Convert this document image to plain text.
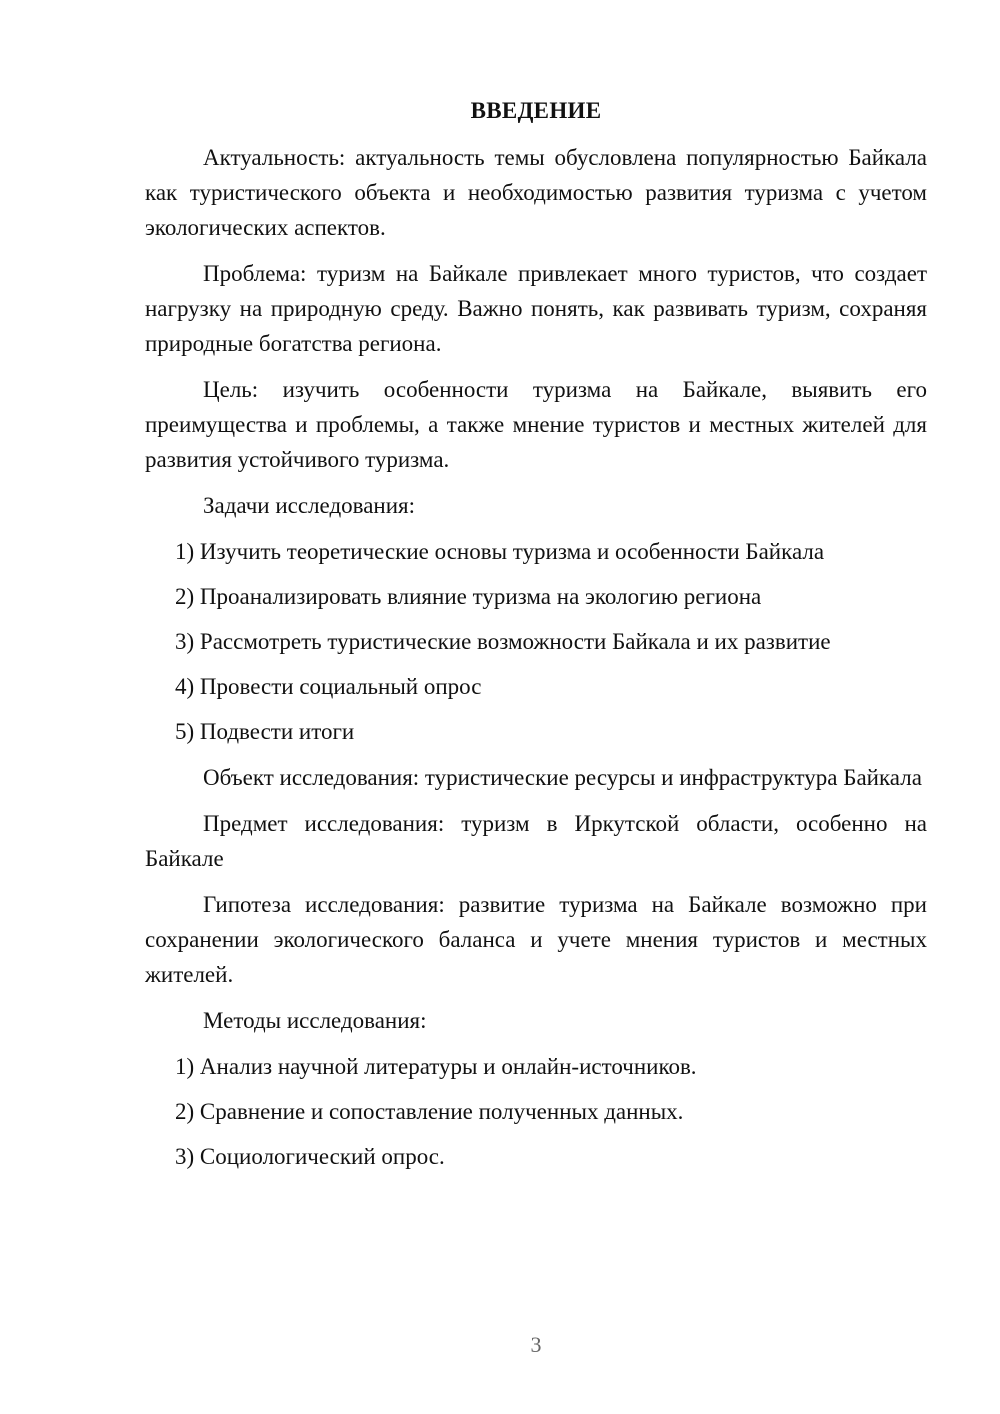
ВВЕДЕНИЕ

Актуальность: актуальность темы обусловлена популярностью Байкала как туристического объекта и необходимостью развития туризма с учетом экологических аспектов.

Проблема: туризм на Байкале привлекает много туристов, что создает нагрузку на природную среду. Важно понять, как развивать туризм, сохраняя природные богатства региона.

Цель: изучить особенности туризма на Байкале, выявить его преимущества и проблемы, а также мнение туристов и местных жителей для развития устойчивого туризма.

Задачи исследования:

1) Изучить теоретические основы туризма и особенности Байкала
2) Проанализировать влияние туризма на экологию региона
3) Рассмотреть туристические возможности Байкала и их развитие
4) Провести социальный опрос
5) Подвести итоги

Объект исследования: туристические ресурсы и инфраструктура Байкала

Предмет исследования: туризм в Иркутской области, особенно на Байкале

Гипотеза исследования: развитие туризма на Байкале возможно при сохранении экологического баланса и учете мнения туристов и местных жителей.

Методы исследования:

1) Анализ научной литературы и онлайн-источников.
2) Сравнение и сопоставление полученных данных.
3) Социологический опрос.
3
